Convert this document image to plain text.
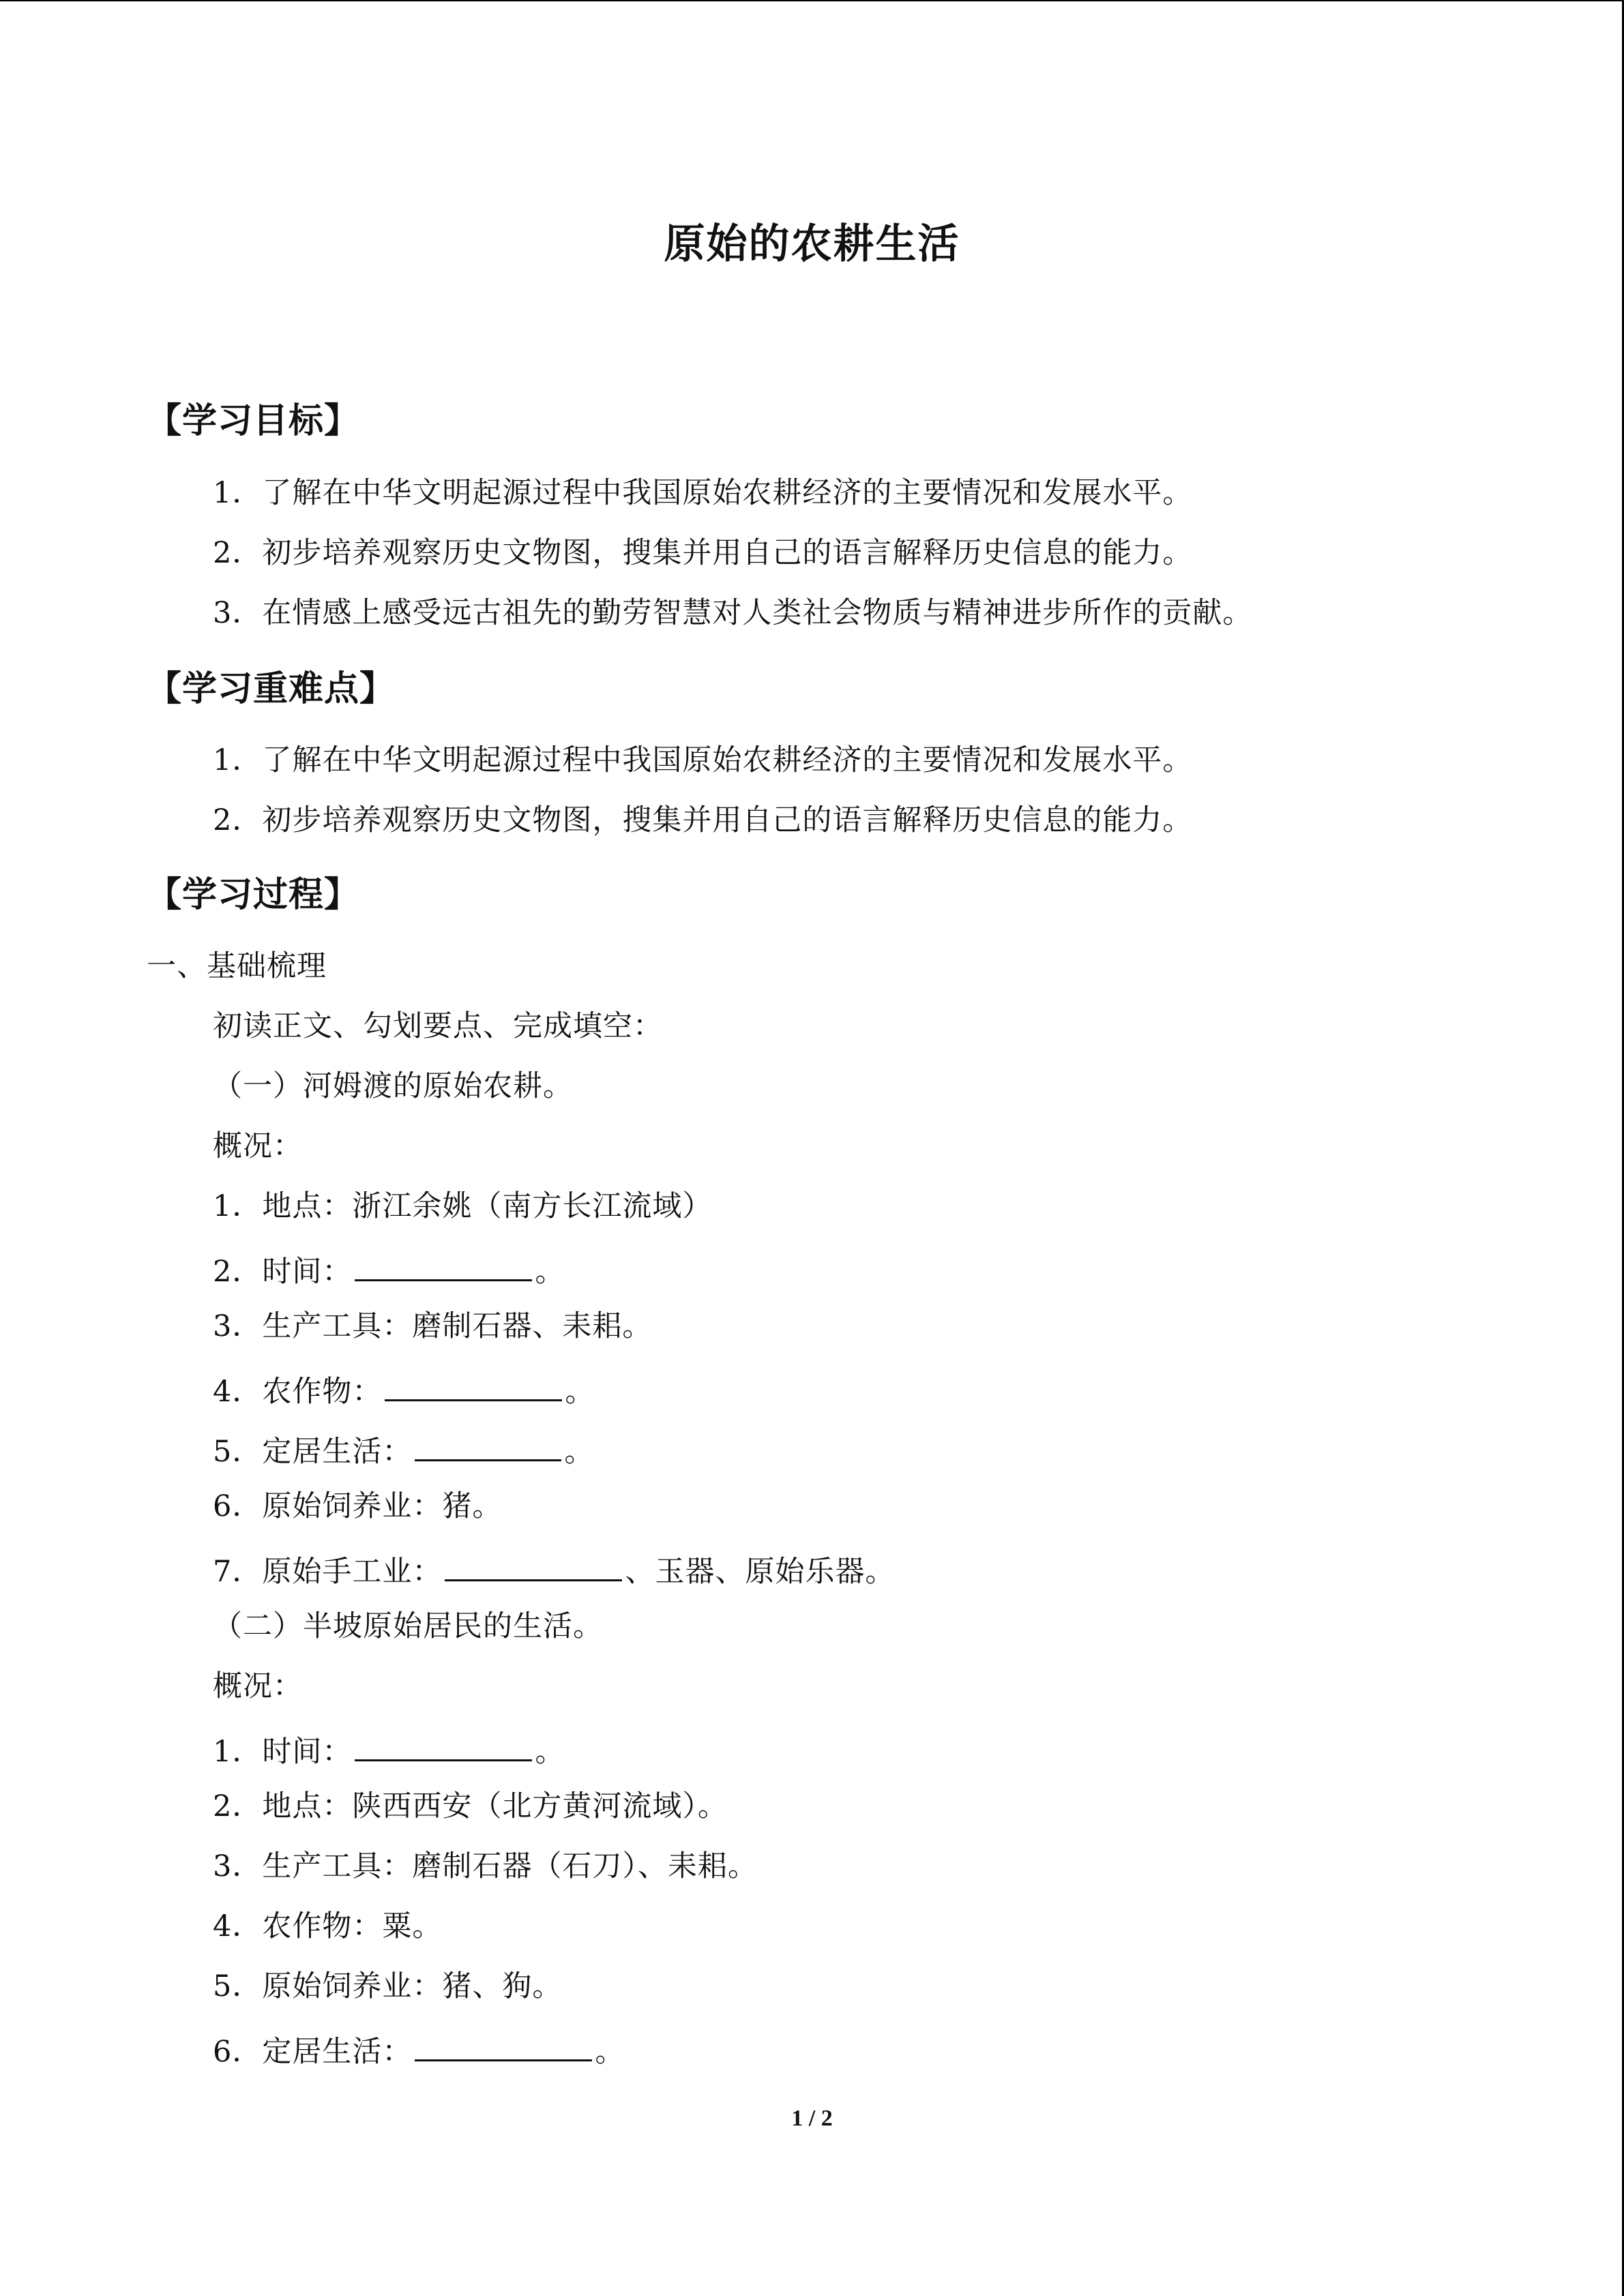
原始的农耕生活
【学习目标】
1．了解在中华文明起源过程中我国原始农耕经济的主要情况和发展水平。
2．初步培养观察历史文物图，搜集并用自己的语言解释历史信息的能力。
3．在情感上感受远古祖先的勤劳智慧对人类社会物质与精神进步所作的贡献。
【学习重难点】
1．了解在中华文明起源过程中我国原始农耕经济的主要情况和发展水平。
2．初步培养观察历史文物图，搜集并用自己的语言解释历史信息的能力。
【学习过程】
一、基础梳理
初读正文、勾划要点、完成填空：
（一）河姆渡的原始农耕。
概况：
1．地点：浙江余姚（南方长江流域）
2．时间：	。
3．生产工具：磨制石器、耒耜。
4．农作物：	。
5．定居生活：	。
6．原始饲养业：猪。
7．原始手工业：	、玉器、原始乐器。
（二）半坡原始居民的生活。
概况：
1．时间：	。
2．地点：陕西西安（北方黄河流域）。
3．生产工具：磨制石器（石刀）、耒耜。
4．农作物：粟。
5．原始饲养业：猪、狗。
6．定居生活：	。
1 / 2
